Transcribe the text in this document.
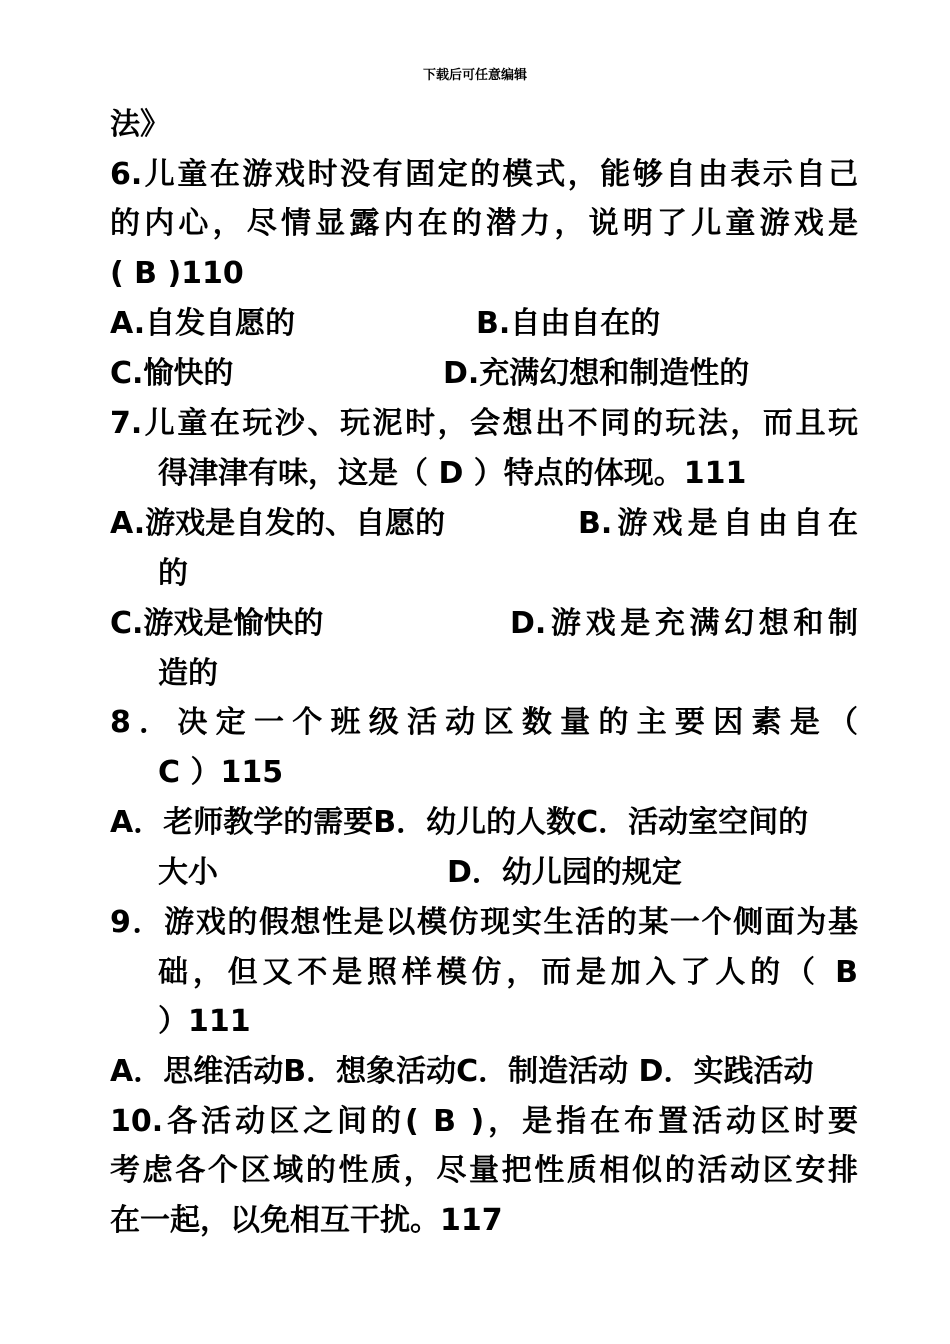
下载后可任意编辑
法》
6.儿童在游戏时没有固定的模式，能够自由表示自己
的内心，尽情显露内在的潜力，说明了儿童游戏是
( B )110
A.自发自愿的	B.自由自在的
C.愉快的	D.充满幻想和制造性的
7.儿童在玩沙、玩泥时，会想出不同的玩法，而且玩
得津津有味，这是（ D ）特点的体现。111
A.游戏是自发的、自愿的	B.游戏是自由自在
的
C.游戏是愉快的	D.游戏是充满幻想和制
造的
8．决定一个班级活动区数量的主要因素是（
C ）115
A．老师教学的需要B．幼儿的人数C．活动室空间的
大小	D．幼儿园的规定
9．游戏的假想性是以模仿现实生活的某一个侧面为基
础，但又不是照样模仿，而是加入了人的（ B
）111
A．思维活动B．想象活动C．制造活动 D．实践活动
10.各活动区之间的( B )，是指在布置活动区时要
考虑各个区域的性质，尽量把性质相似的活动区安排
在一起，以免相互干扰。117
